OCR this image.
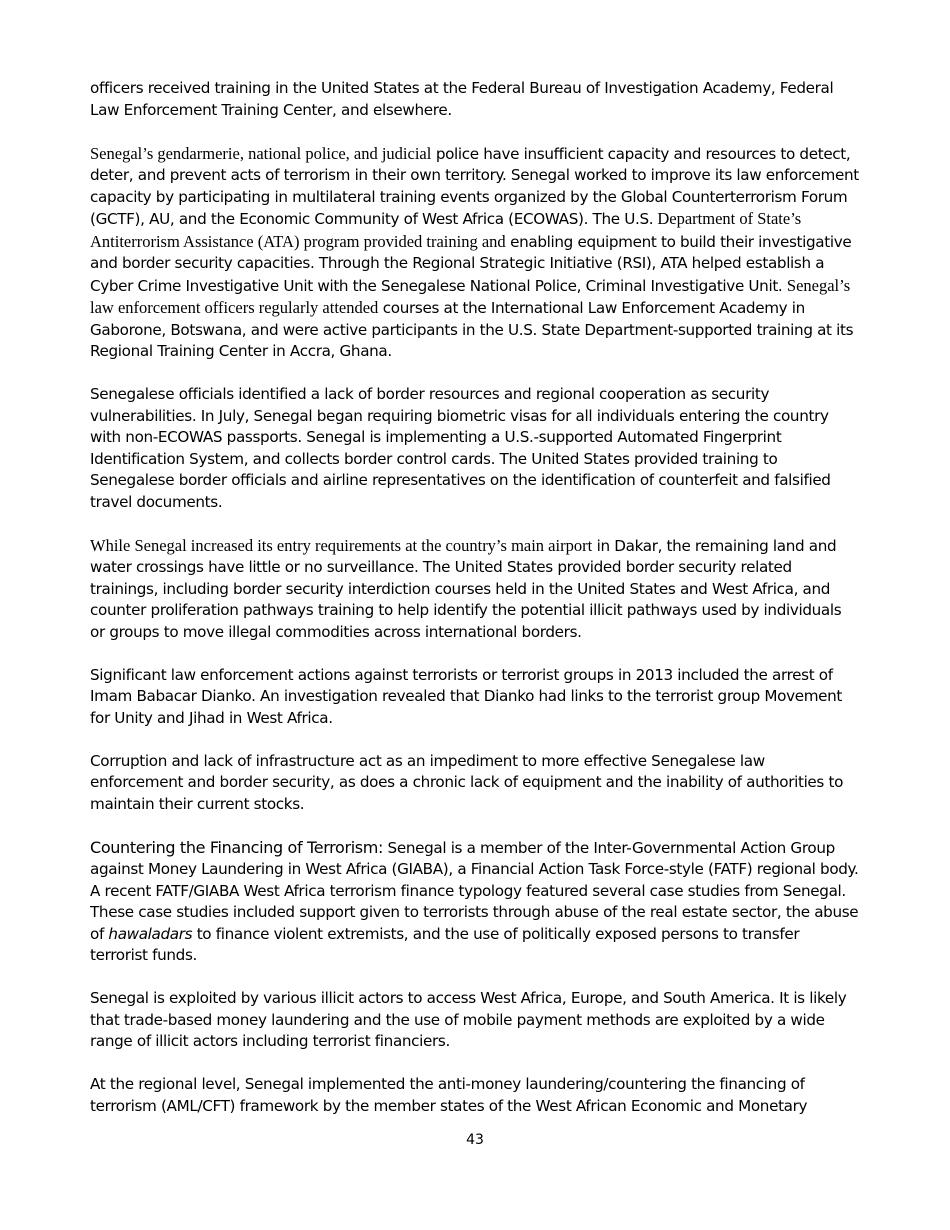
officers received training in the United States at the Federal Bureau of Investigation Academy, Federal Law Enforcement Training Center, and elsewhere.

Senegal’s gendarmerie, national police, and judicial police have insufficient capacity and resources to detect, deter, and prevent acts of terrorism in their own territory. Senegal worked to improve its law enforcement capacity by participating in multilateral training events organized by the Global Counterterrorism Forum (GCTF), AU, and the Economic Community of West Africa (ECOWAS). The U.S. Department of State’s Antiterrorism Assistance (ATA) program provided training and enabling equipment to build their investigative and border security capacities. Through the Regional Strategic Initiative (RSI), ATA helped establish a Cyber Crime Investigative Unit with the Senegalese National Police, Criminal Investigative Unit. Senegal’s law enforcement officers regularly attended courses at the International Law Enforcement Academy in Gaborone, Botswana, and were active participants in the U.S. State Department-supported training at its Regional Training Center in Accra, Ghana.

Senegalese officials identified a lack of border resources and regional cooperation as security vulnerabilities. In July, Senegal began requiring biometric visas for all individuals entering the country with non-ECOWAS passports. Senegal is implementing a U.S.-supported Automated Fingerprint Identification System, and collects border control cards. The United States provided training to Senegalese border officials and airline representatives on the identification of counterfeit and falsified travel documents.

While Senegal increased its entry requirements at the country’s main airport in Dakar, the remaining land and water crossings have little or no surveillance. The United States provided border security related trainings, including border security interdiction courses held in the United States and West Africa, and counter proliferation pathways training to help identify the potential illicit pathways used by individuals or groups to move illegal commodities across international borders.

Significant law enforcement actions against terrorists or terrorist groups in 2013 included the arrest of Imam Babacar Dianko. An investigation revealed that Dianko had links to the terrorist group Movement for Unity and Jihad in West Africa.

Corruption and lack of infrastructure act as an impediment to more effective Senegalese law enforcement and border security, as does a chronic lack of equipment and the inability of authorities to maintain their current stocks.

Countering the Financing of Terrorism: Senegal is a member of the Inter-Governmental Action Group against Money Laundering in West Africa (GIABA), a Financial Action Task Force-style (FATF) regional body. A recent FATF/GIABA West Africa terrorism finance typology featured several case studies from Senegal. These case studies included support given to terrorists through abuse of the real estate sector, the abuse of hawaladars to finance violent extremists, and the use of politically exposed persons to transfer terrorist funds.

Senegal is exploited by various illicit actors to access West Africa, Europe, and South America. It is likely that trade-based money laundering and the use of mobile payment methods are exploited by a wide range of illicit actors including terrorist financiers.

At the regional level, Senegal implemented the anti-money laundering/countering the financing of terrorism (AML/CFT) framework by the member states of the West African Economic and Monetary

43
